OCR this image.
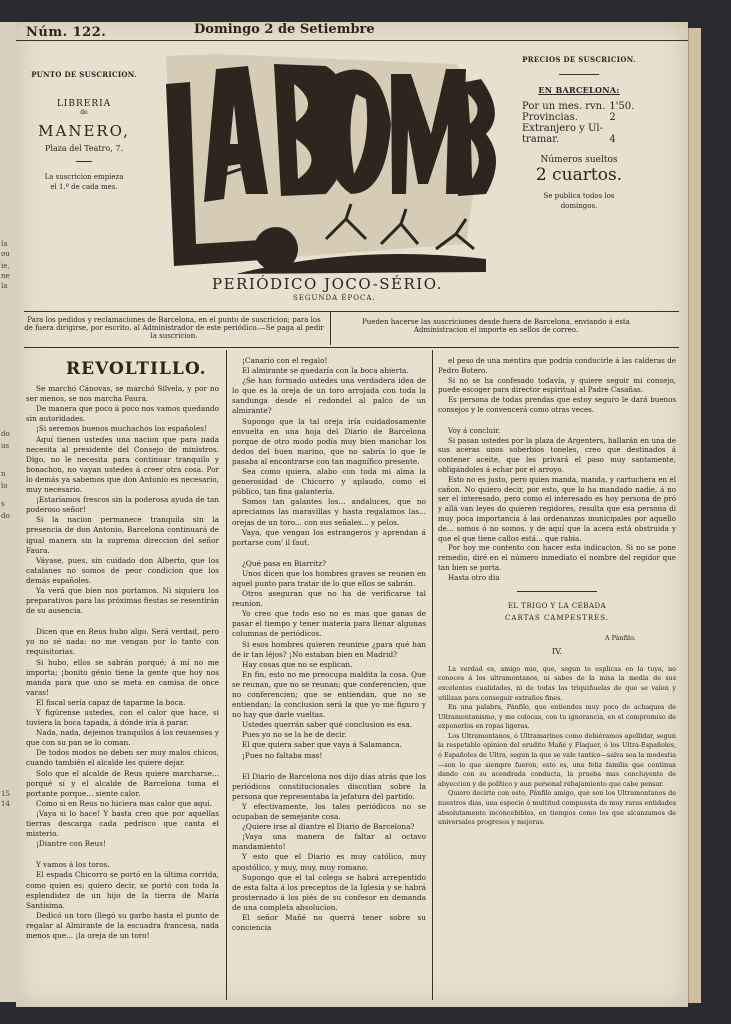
la
ou
ie,
ne
la
do
us
n
lo
s
do
15
14
Núm. 122.	Domingo 2 de Setiembre
PUNTO DE SUSCRICION.
LIBRERIA
de
MANERO,
Plaza del Teatro, 7.
La suscricion empieza
el 1.º de cada mes.
PRECIOS DE SUSCRICION.
EN BARCELONA:
Por un mes. rvn.	1'50.
Provincias.	2
Extranjero y Ul-	
tramar.	4
Números sueltos
2 cuartos.
Se publica todos los
domingos.
PERIÓDICO JOCO-SÉRIO.
SEGUNDA ÉPOCA.
Para los pedidos y reclamaciones de Barcelona, en el punto de suscricion; para los de fuera dirigirse, por escrito, al Administrador de este periódico.—Se paga al pedir la suscricion.
Pueden hacerse las suscriciones desde fuera de Barcelona, enviando á esta Administracion el importe en sellos de correo.
REVOLTILLO.

Se marchó Cánovas, se marchó Silvela, y por no ser menos, se nos marcha Faura.

De manera que poco á poco nos vamos quedando sin autoridades.

¡Si seremos buenos muchachos los españoles!

Aquí tienen ustedes una nacion que para nada necesita al presidente del Consejo de ministros. Digo, no le necesita para continuar tranquilo y bonachon, no vayan ustedes á creer otra cosa. Por lo demás ya sabemos que don Antonio es necesario, muy necesario.

¡Estaríamos frescos sin la poderosa ayuda de tan poderoso señor!

Si la nacion permanece tranquila sin la presencia de don Antonio, Barcelona continuará de igual manera sin la suprema direccion del señor Faura.

Váyase, pues, sin cuidado don Alberto, que los catalanes no somos de peor condicion que los demás españoles.

Ya verá que bien nos portamos. Ni siquiera los preparativos para las próximas fiestas se resentirán de su ausencia.

Dicen que en Reus hubo algo. Será verdad, pero yo no sé nada: no me vengan por lo tanto con requisitorias.

Si hubo, ellos se sabrán porqué; á mí no me importa; ¡bonito génio tiene la gente que hoy nos manda para que uno se meta en camisa de once varas!

El fiscal sería capaz de taparme la boca.

Y figúrense ustedes, con el calor que hace, si tuviera la boca tapada, á dónde iría á parar.

Nada, nada, dejemos tranquilos á los reusenses y que con su pan se lo coman.

De todos modos no deben ser muy malos chicos, cuando también el alcalde les quiere dejar.

Solo que el alcalde de Reus quiere marcharse... porqué sí y el alcalde de Barcelona toma el portante porque... siente calor.

Como si en Reus no hiciera mas calor que aquí.

¡Vaya si lo hace! Y basta creo que por aquellas tierras descarga cada pedrisco que canta el misterio.

¡Diantre con Reus!

Y vamos á los toros.

El espada Chicorro se portó en la última corrida, como quien es; quiero decir, se portó con toda la esplendidez de un hijo de la tierra de María Santísima.

Dedicó un toro (llegó su garbo hasta el punto de regalar al Almirante de la escuadra francesa, nada menos que... ¡la oreja de un toro!

¡Canario con el regalo!

El almirante se quedaría con la boca abierta.

¿Se han formado ustedes una verdadera idea de lo que es la oreja de un toro arrojada con toda la sandunga desde el redondel al palco de un almirante?

Supongo que la tal oreja iría cuidadosamente envuelta en una hoja del Diario de Barcelona porque de otro modo podía muy bien manchar los dedos del buen marino, que no sabría lo que le pasaba al encontrarse con tan magnífico presente.

Sea como quiera, alabo con toda mi alma la generosidad de Chicorro y aplaudo, como el público, tan fina galantería.

Somos tan galantes los... andaluces, que no apreciamos las maravillas y hasta regalamos las... orejas de un toro... con sus señales... y pelos.

Vaya, que vengan los estrangeros y aprendan á portarse com' il faut.

¿Qué pasa en Biarritz?

Unos dicen que los hombres graves se reunen en aquel punto para tratar de lo que ellos se sabrán.

Otros aseguran que no ha de verificarse tal reunion.

Yo creo que todo eso no es mas que ganas de pasar el tiempo y tener materia para llenar algunas columnas de periódicos.

Si esos hombres quieren reunirse ¿para qué han de ir tan léjos? ¡No estaban bien en Madrid?

Hay cosas que no se esplican.

En fin, esto no me preocupa maldita la cosa. Que se reunan, que no se reunan; que conferencien, que no conferencien; que se entiendan, que no se entiendan; la conclusion será la que yo me figuro y no hay que darle vueltas.

Ustedes querrán saber qué conclusion es esa.

Pues yo no se la he de decir.

El que quiera saber que vaya á Salamanca.

¡Pues no faltaba mas!

El Diario de Barcelona nos dijo dias atrás que los periódicos constitucionales discutian sobre la persona que representaba la jefatura del partido.

Y efectivamente, los tales periódicos no se ocupaban de semejante cosa.

¿Quiere irse al diantre el Diario de Barcelona?

¡Vaya una manera de faltar al octavo mandamiento!

Y esto que el Diario es muy católico, muy apostólico, y muy, muy, muy romano.

Supongo que el tal colega se habrá arrepentido de esta falta á los preceptos de la Iglesia y se habrá prosternado á los piés de su confesor en demanda de una completa absolucion.

El señor Mañé no querrá tener sobre su conciencia

el peso de una mentira que podría conducirle á las calderas de Pedro Botero.

Si no se ha confesado todavía, y quiere seguir mi consejo, puede escoger para director espiritual al Padre Casañas.

Es persona de todas prendas que estoy seguro le dará buenos consejos y le convencerá como otras veces.

Voy á concluir.

Si pasan ustedes por la plaza de Argenters, hallarán en una de sus aceras unos soberbios toneles, creo que destinados á contener aceite, que les privará el paso muy santamente, obligándoles á echar por el arroyo.

Esto no es justo, pero quien manda, manda, y cartuchera en el cañon. No quiero decir, por esto, que lo ha mandado nadie, á no ser el interesado, pero como el interesado es hoy persona de pró y allá van leyes do quieren regidores, resulta que esa persona di muy poca importancia á las ordenanzas municipales por aquello de... somos ó no somos, y de aquí que la acera está obstruida y que el que tiene callos está... que rabia.

Por hoy me contento con hacer esta indicacion. Si no se pone remedio, diré en el número inmediato el nombre del regidor que tan bien se porta.

Hasta otro dia

EL TRIGO Y LA CEBADA
CARTAS CAMPESTRES.
A Pánfilo.
IV.

La verdad es, amigo mio, que, segun te esplicas en la tuya, no conoces á los ultramontanos, ni sabes de la misa la media de sus excelentes cualidades, ni de todas las triquiñuelas de que se valen y utilizan para conseguir extraños fines.

En una palabra, Pánfilo, que entiendes muy poco de achaques de Ultramontanismo, y me colocas, con tu ignorancia, en el compromiso de exponerlos en ropas ligeras.

Los Ultramontanos, ó Ultramarinos como debiéramos apellidar, segun la respetable opinion del erudito Mañé y Flaquer, ó los Ultra-Españoles, ó Españoles de Ultra, segun la que se vale tantico—salva sea la modestia—son lo que siempre fueron, esto es, una feliz familia que continua dando con su acendrada conducta, la prueba mas concluyente de abyeccion y de político y aun personal rebajamiento que cabe pensar.

Quiero decirte con esto, Pánfilo amigo, que son los Ultramontanos de nuestros dias, una especie ó multitud compuesta de muy raras entidades absolutamente inconcebibles, en tiempos como los que alcanzamos de universales progresos y mejoras.
